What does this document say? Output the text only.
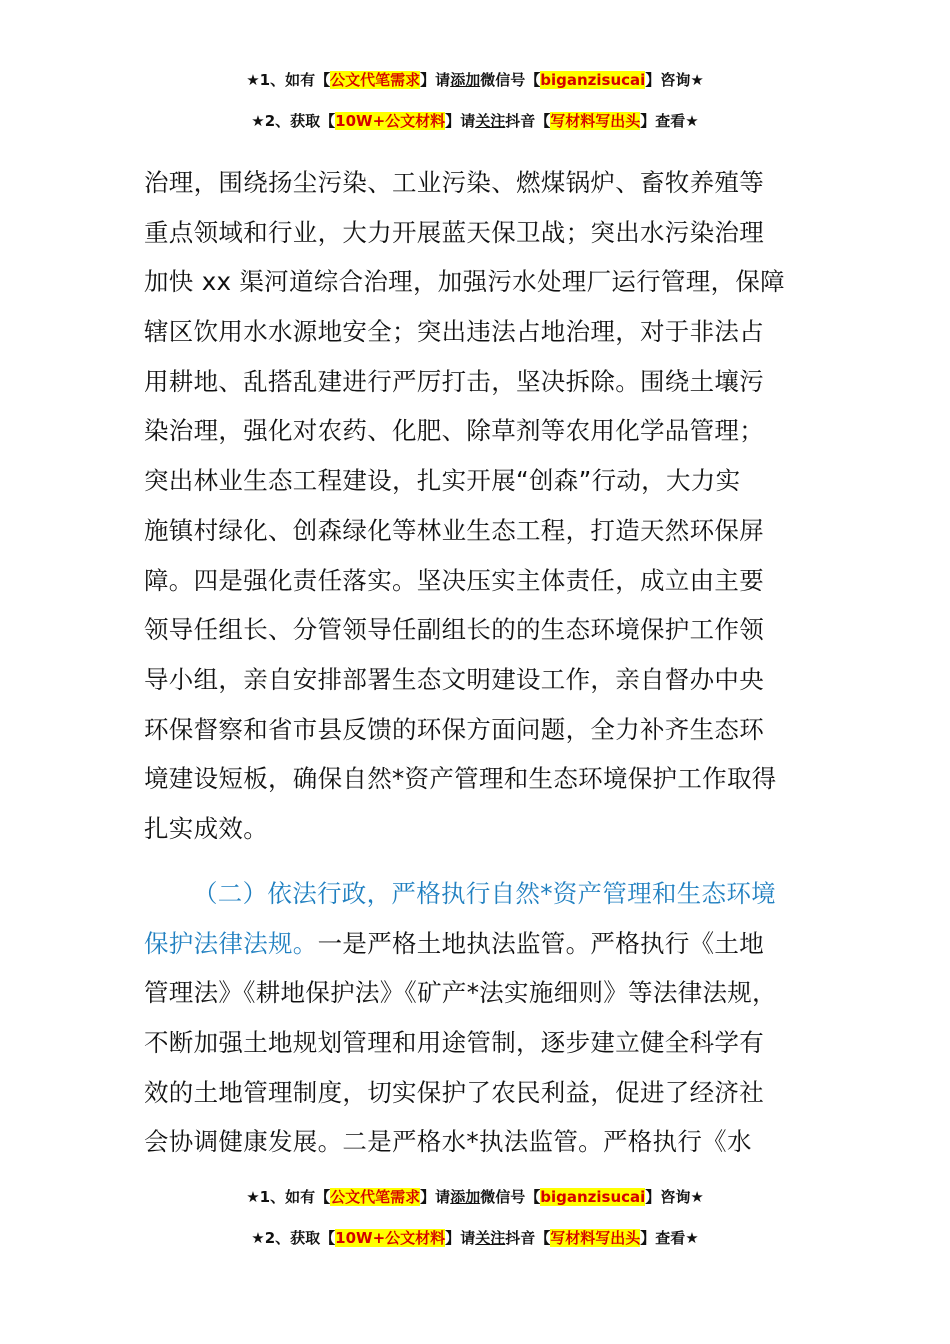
★1、如有【公文代笔需求】请添加微信号【biganzisucai】咨询★
★2、获取【10W+公文材料】请关注抖音【写材料写出头】查看★
治理，围绕扬尘污染、工业污染、燃煤锅炉、畜牧养殖等
重点领域和行业，大力开展蓝天保卫战；突出水污染治理
加快 xx 渠河道综合治理，加强污水处理厂运行管理，保障
辖区饮用水水源地安全；突出违法占地治理，对于非法占
用耕地、乱搭乱建进行严厉打击，坚决拆除。围绕土壤污
染治理，强化对农药、化肥、除草剂等农用化学品管理；
突出林业生态工程建设，扎实开展“创森”行动，大力实
施镇村绿化、创森绿化等林业生态工程，打造天然环保屏
障。四是强化责任落实。坚决压实主体责任，成立由主要
领导任组长、分管领导任副组长的的生态环境保护工作领
导小组，亲自安排部署生态文明建设工作，亲自督办中央
环保督察和省市县反馈的环保方面问题，全力补齐生态环
境建设短板，确保自然*资产管理和生态环境保护工作取得
扎实成效。
（二）依法行政，严格执行自然*资产管理和生态环境
保护法律法规。一是严格土地执法监管。严格执行《土地
管理法》《耕地保护法》《矿产*法实施细则》等法律法规，
不断加强土地规划管理和用途管制，逐步建立健全科学有
效的土地管理制度，切实保护了农民利益，促进了经济社
会协调健康发展。二是严格水*执法监管。严格执行《水
★1、如有【公文代笔需求】请添加微信号【biganzisucai】咨询★
★2、获取【10W+公文材料】请关注抖音【写材料写出头】查看★
